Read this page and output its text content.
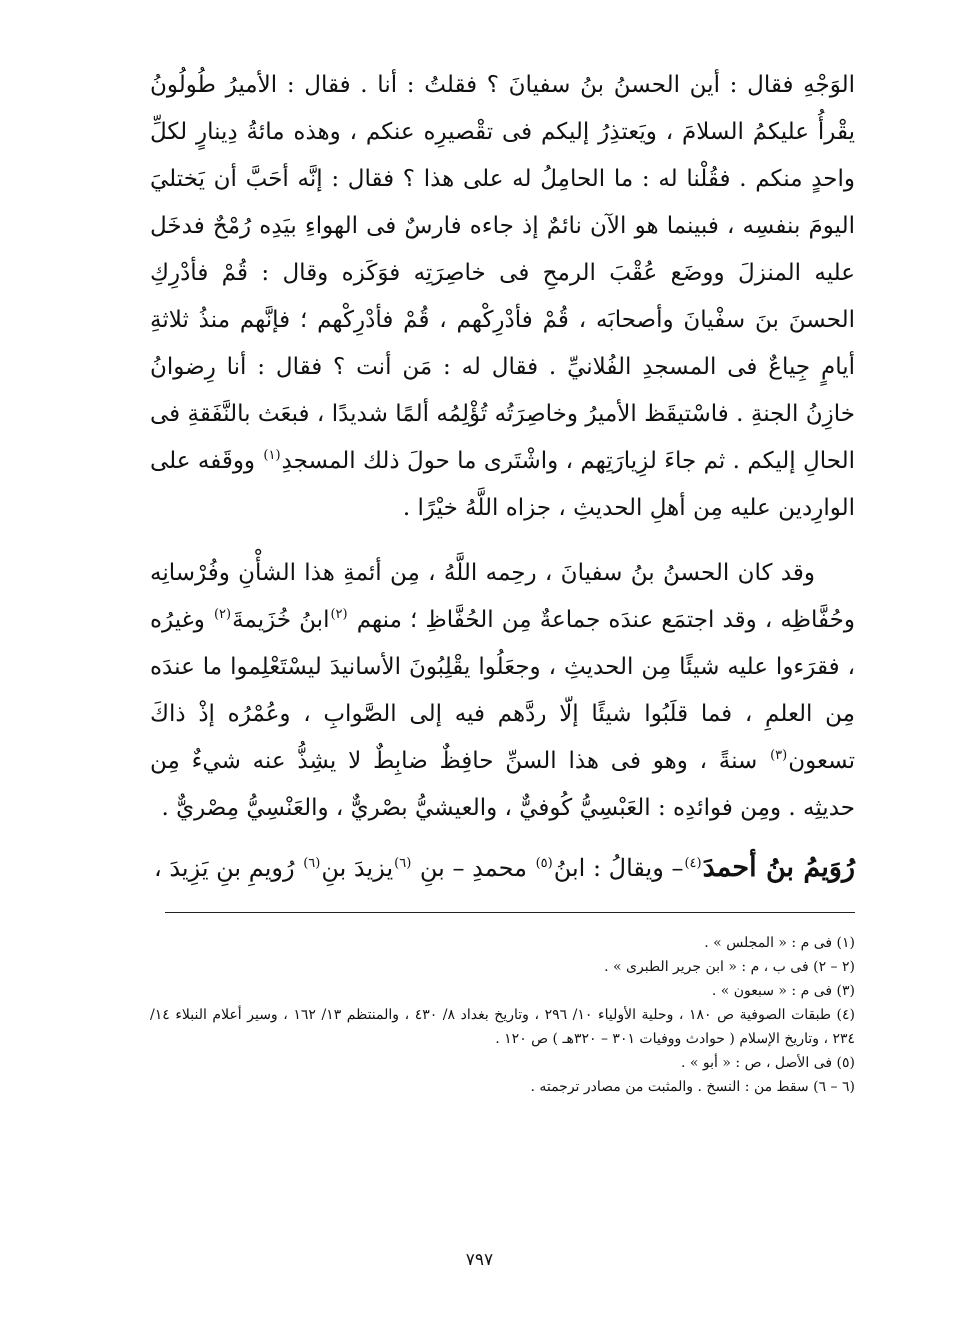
الوَجْهِ فقال : أين الحسنُ بنُ سفيانَ ؟ فقلتُ : أنا . فقال : الأميرُ طُولُونُ يقْرأُ عليكمُ السلامَ ، ويَعتذِرُ إليكم فى تقْصيرِه عنكم ، وهذه مائةُ دِينارٍ لكلِّ واحدٍ منكم . فقُلْنا له : ما الحامِلُ له على هذا ؟ فقال : إنَّه أحَبَّ أن يَختليَ اليومَ بنفسِه ، فبينما هو الآن نائمٌ إذ جاءه فارسٌ فى الهواءِ بيَدِه رُمْحٌ فدخَل عليه المنزلَ ووضَع عُقْبَ الرمحِ فى خاصِرَتِه فوَكَزه وقال : قُمْ فأدْرِكِ الحسنَ بنَ سفْيانَ وأصحابَه ، قُمْ فأدْرِكْهم ، قُمْ فأدْرِكْهم ؛ فإنَّهم منذُ ثلاثةِ أيامٍ جِياعٌ فى المسجدِ الفُلانيِّ . فقال له : مَن أنت ؟ فقال : أنا رِضوانُ خازِنُ الجنةِ . فاسْتيقَظ الأميرُ وخاصِرَتُه تُؤْلِمُه ألمًا شديدًا ، فبعَث بالنَّفَقةِ فى الحالِ إليكم . ثم جاءَ لزِيارَتِهم ، واشْتَرى ما حولَ ذلك المسجدِ$^{(١)}$ ووقَفه على الوارِدين عليه مِن أهلِ الحديثِ ، جزاه اللَّهُ خيْرًا .

وقد كان الحسنُ بنُ سفيانَ ، رحِمه اللَّهُ ، مِن أئمةِ هذا الشأْنِ وفُرْسانِه وحُفَّاظِه ، وقد اجتمَع عندَه جماعةٌ مِن الحُفَّاظِ ؛ منهم $^{(٢)}$ابنُ خُزَيمةَ$^{(٢)}$ وغيرُه ، فقرَءوا عليه شيئًا مِن الحديثِ ، وجعَلُوا يقْلِبُونَ الأسانيدَ ليسْتَعْلِموا ما عندَه مِن العلمِ ، فما قلَبُوا شيئًا إلّا ردَّهم فيه إلى الصَّوابِ ، وعُمْرُه إذْ ذاكَ تسعون$^{(٣)}$ سنةً ، وهو فى هذا السنِّ حافِظٌ ضابِطٌ لا يشِذُّ عنه شيءٌ مِن حديثِه . ومِن فوائدِه : العَبْسِيُّ كُوفيٌّ ، والعيشيُّ بصْريٌّ ، والعَنْسِيُّ مِصْريٌّ .

رُوَيمُ بنُ أحمدَ$^{(٤)}$– ويقالُ : ابنُ$^{(٥)}$ محمدِ – بنِ $^{(٦)}$يزيدَ بنِ$^{(٦)}$ رُويمِ بنِ يَزِيدَ ،

(١) فى م : « المجلس » .
(٢ – ٢) فى ب ، م : « ابن جرير الطبرى » .
(٣) فى م : « سبعون » .
(٤) طبقات الصوفية ص ١٨٠ ، وحلية الأولياء ١٠/ ٢٩٦ ، وتاريخ بغداد ٨/ ٤٣٠ ، والمنتظم ١٣/ ١٦٢ ، وسير أعلام النبلاء ١٤/ ٢٣٤ ، وتاريخ الإسلام ( حوادث ووفيات ٣٠١ – ٣٢٠هـ ) ص ١٢٠ .
(٥) فى الأصل ، ص : « أبو » .
(٦ – ٦) سقط من : النسخ . والمثبت من مصادر ترجمته .
٧٩٧
